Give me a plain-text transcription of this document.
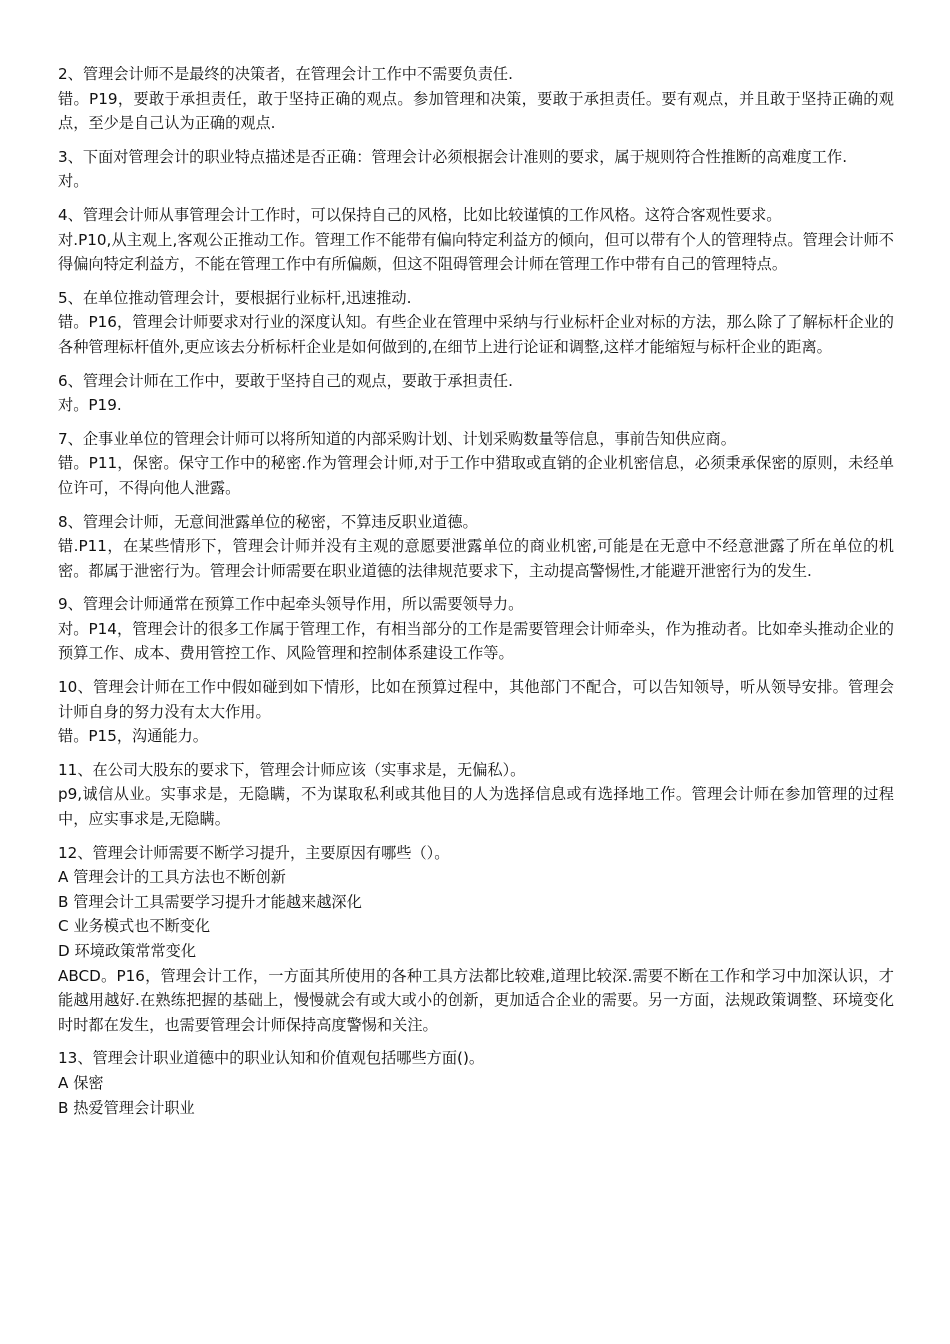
2、管理会计师不是最终的决策者，在管理会计工作中不需要负责任.
错。P19，要敢于承担责任，敢于坚持正确的观点。参加管理和决策，要敢于承担责任。要有观点，并且敢于坚持正确的观点，至少是自己认为正确的观点.
3、下面对管理会计的职业特点描述是否正确：管理会计必须根据会计准则的要求，属于规则符合性推断的高难度工作.
对。
4、管理会计师从事管理会计工作时，可以保持自己的风格，比如比较谨慎的工作风格。这符合客观性要求。
对.P10,从主观上,客观公正推动工作。管理工作不能带有偏向特定利益方的倾向，但可以带有个人的管理特点。管理会计师不得偏向特定利益方，不能在管理工作中有所偏颇，但这不阻碍管理会计师在管理工作中带有自己的管理特点。
5、在单位推动管理会计，要根据行业标杆,迅速推动.
错。P16，管理会计师要求对行业的深度认知。有些企业在管理中采纳与行业标杆企业对标的方法，那么除了了解标杆企业的各种管理标杆值外,更应该去分析标杆企业是如何做到的,在细节上进行论证和调整,这样才能缩短与标杆企业的距离。
6、管理会计师在工作中，要敢于坚持自己的观点，要敢于承担责任.
对。P19.
7、企事业单位的管理会计师可以将所知道的内部采购计划、计划采购数量等信息，事前告知供应商。
错。P11，保密。保守工作中的秘密.作为管理会计师,对于工作中猎取或直销的企业机密信息，必须秉承保密的原则，未经单位许可，不得向他人泄露。
8、管理会计师，无意间泄露单位的秘密，不算违反职业道德。
错.P11，在某些情形下，管理会计师并没有主观的意愿要泄露单位的商业机密,可能是在无意中不经意泄露了所在单位的机密。都属于泄密行为。管理会计师需要在职业道德的法律规范要求下，主动提高警惕性,才能避开泄密行为的发生.
9、管理会计师通常在预算工作中起牵头领导作用，所以需要领导力。
对。P14，管理会计的很多工作属于管理工作，有相当部分的工作是需要管理会计师牵头，作为推动者。比如牵头推动企业的预算工作、成本、费用管控工作、风险管理和控制体系建设工作等。
10、管理会计师在工作中假如碰到如下情形，比如在预算过程中，其他部门不配合，可以告知领导，听从领导安排。管理会计师自身的努力没有太大作用。
错。P15，沟通能力。
11、在公司大股东的要求下，管理会计师应该（实事求是，无偏私）。
p9,诚信从业。实事求是，无隐瞒，不为谋取私利或其他目的人为选择信息或有选择地工作。管理会计师在参加管理的过程中，应实事求是,无隐瞒。
12、管理会计师需要不断学习提升，主要原因有哪些（）。
A 管理会计的工具方法也不断创新
B 管理会计工具需要学习提升才能越来越深化
C 业务模式也不断变化
D 环境政策常常变化
ABCD。P16，管理会计工作，一方面其所使用的各种工具方法都比较难,道理比较深.需要不断在工作和学习中加深认识，才能越用越好.在熟练把握的基础上，慢慢就会有或大或小的创新，更加适合企业的需要。另一方面，法规政策调整、环境变化时时都在发生，也需要管理会计师保持高度警惕和关注。
13、管理会计职业道德中的职业认知和价值观包括哪些方面()。
A 保密
B 热爱管理会计职业
